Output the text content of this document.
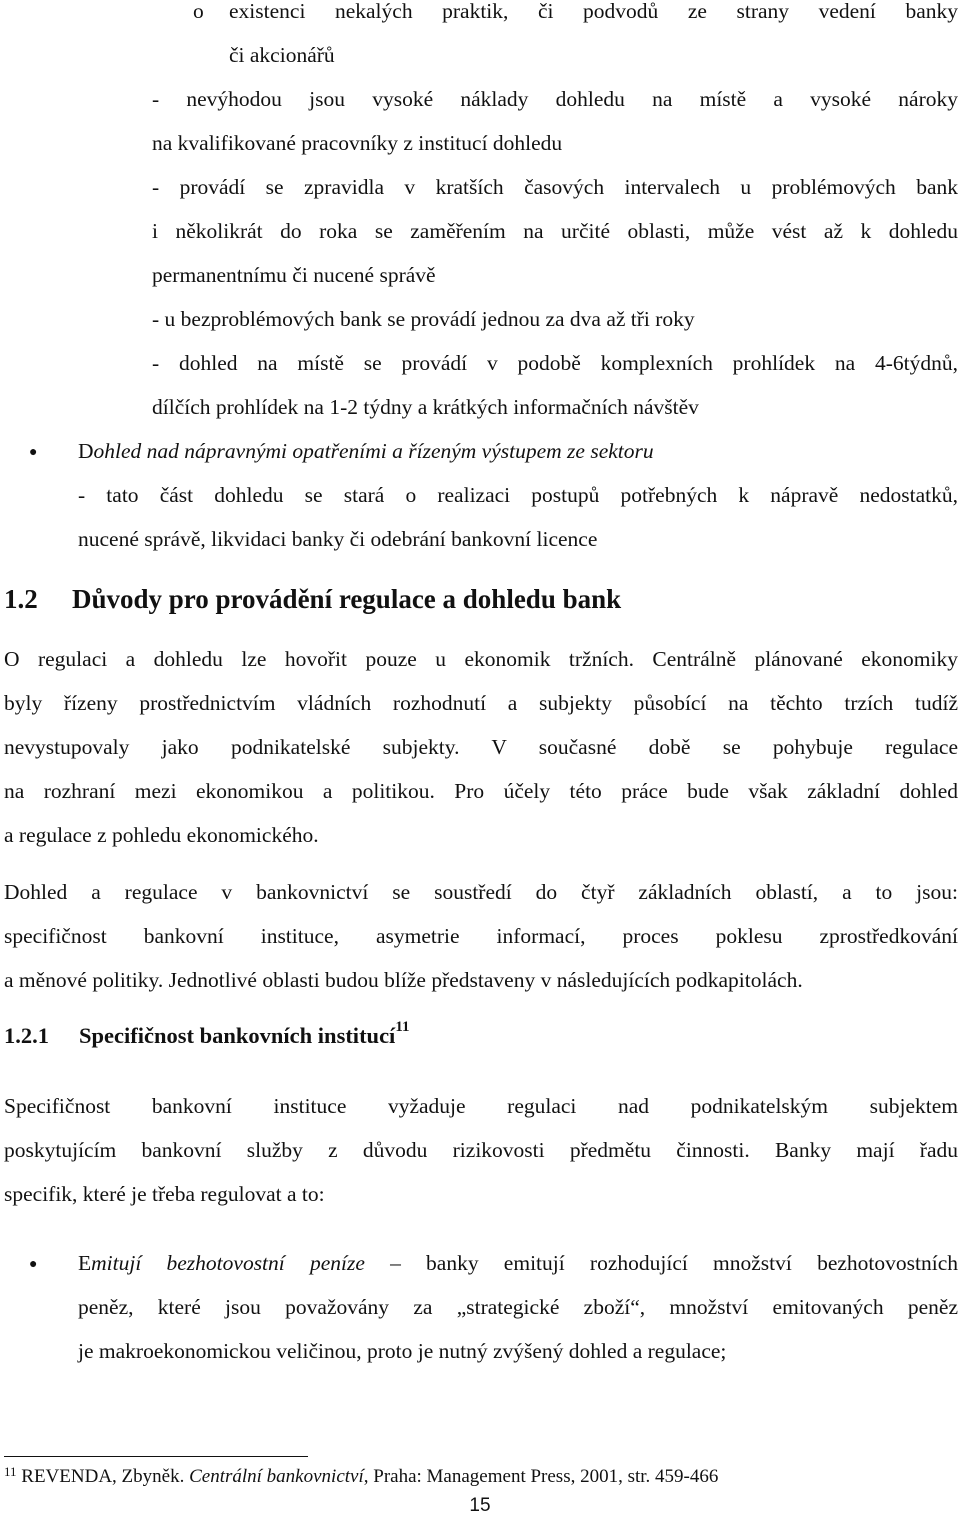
o existenci nekalých praktik, či podvodů ze strany vedení banky

či akcionářů

- nevýhodou jsou vysoké náklady dohledu na místě a vysoké nároky

na kvalifikované pracovníky z institucí dohledu

- provádí se zpravidla v kratších časových intervalech u problémových bank

i několikrát do roka se zaměřením na určité oblasti, může vést až k dohledu

permanentnímu či nucené správě

- u bezproblémových bank se provádí jednou za dva až tři roky

- dohled na místě se provádí v podobě komplexních prohlídek na 4-6týdnů,

dílčích prohlídek na 1-2 týdny a krátkých informačních návštěv

● Dohled nad nápravnými opatřeními a řízeným výstupem ze sektoru

- tato část dohledu se stará o realizaci postupů potřebných k nápravě nedostatků,

nucené správě, likvidaci banky či odebrání bankovní licence

1.2 Důvody pro provádění regulace a dohledu bank

O regulaci a dohledu lze hovořit pouze u ekonomik tržních. Centrálně plánované ekonomiky

byly řízeny prostřednictvím vládních rozhodnutí a subjekty působící na těchto trzích tudíž

nevystupovaly jako podnikatelské subjekty. V současné době se pohybuje regulace

na rozhraní mezi ekonomikou a politikou. Pro účely této práce bude však základní dohled

a regulace z pohledu ekonomického.

Dohled a regulace v bankovnictví se soustředí do čtyř základních oblastí, a to jsou:

specifičnost bankovní instituce, asymetrie informací, proces poklesu zprostředkování

a měnové politiky. Jednotlivé oblasti budou blíže představeny v následujících podkapitolách.

1.2.1 Specifičnost bankovních institucí$^{11}$

Specifičnost bankovní instituce vyžaduje regulaci nad podnikatelským subjektem

poskytujícím bankovní služby z důvodu rizikovosti předmětu činnosti. Banky mají řadu

specifik, které je třeba regulovat a to:

● Emitují bezhotovostní peníze – banky emitují rozhodující množství bezhotovostních

peněz, které jsou považovány za „strategické zboží“, množství emitovaných peněz

je makroekonomickou veličinou, proto je nutný zvýšený dohled a regulace;

$^{11}$ REVENDA, Zbyněk. Centrální bankovnictví, Praha: Management Press, 2001, str. 459-466
15
